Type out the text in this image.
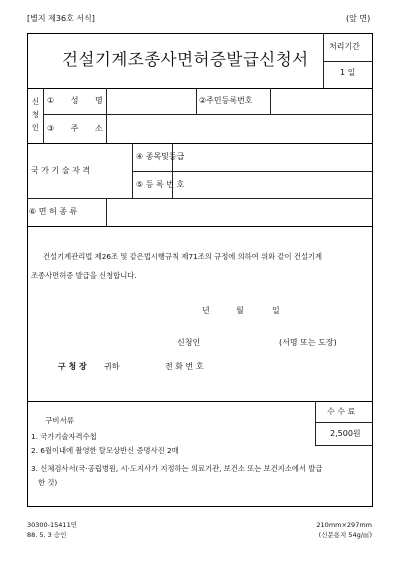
[별지 제36호 서식]	(앞 면)
건설기계조종사면허증발급신청서
처리기간
1 일
신 청 인
① 성 명	②주민등록번호
③ 주 소
국 가 기 술 자 격
④ 종목및등급
⑤ 등 록 번 호
⑥ 면 허 종 류
건설기계관리법 제26조 및 같은법시행규칙 제71조의 규정에 의하여 위와 같이 건설기계
조종사면허증 발급을 신청합니다.
년	월	일
신청인	(서명 또는 도장)
구 청 장 귀하	전 화 번 호
수 수 료
2,500원
구비서류
1. 국가기술자격수첩
2. 6월이내에 촬영한 탈모상반신 증명사진 2매
3. 신체검사서(국·공립병원, 시·도지사가 지정하는 의료기관, 보건소 또는 보건지소에서 발급
한 것)
30300-15411민
88. 5. 3 승인
210mm×297mm
(신문용지 54g/㎡)
